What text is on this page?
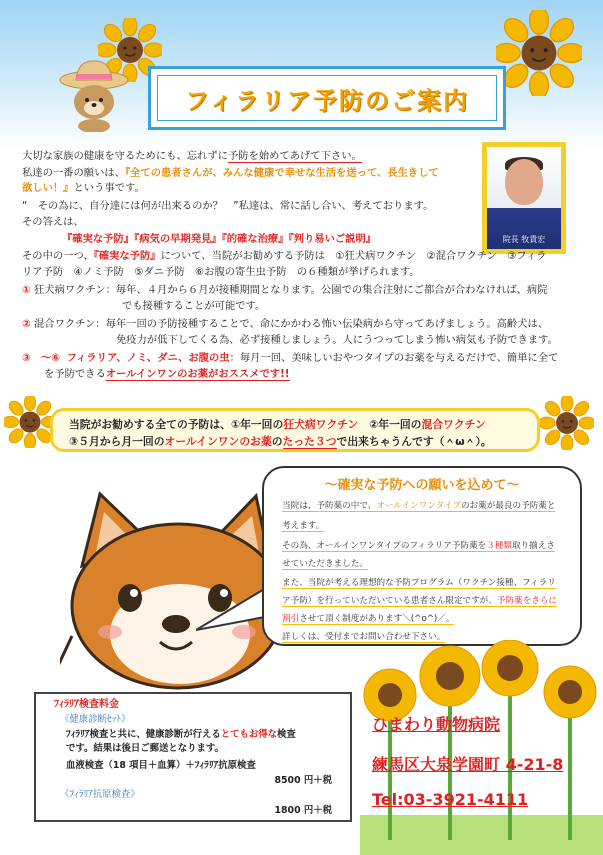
フィラリア予防のご案内
院長 牧貴宏
大切な家族の健康を守るためにも、忘れずに予防を始めてあげて下さい。
私達の一番の願いは、『全ての患者さんが、みんな健康で幸せな生活を送って、長生きして
欲しい！』という事です。
“　その為に、自分達には何が出来るのか？　”私達は、常に話し合い、考えております。
その答えは、
『確実な予防』『病気の早期発見』『的確な治療』『判り易いご説明』
その中の一つ、『確実な予防』について、当院がお勧めする予防は　①狂犬病ワクチン　②混合ワクチン　③フィラ
リア予防　④ノミ予防　⑤ダニ予防　⑥お腹の寄生虫予防　の６種類が挙げられます。
① 狂犬病ワクチン：毎年、４月から６月が接種期間となります。公園での集合注射にご都合が合わなければ、病院
でも接種することが可能です。
② 混合ワクチン：毎年一回の予防接種することで、命にかかわる怖い伝染病から守ってあげましょう。高齢犬は、
免疫力が低下してくる為、必ず接種しましょう。人にうつってしまう怖い病気も予防できます。
③　～⑥ フィラリア、ノミ、ダニ、お腹の虫：毎月一回、美味しいおやつタイプのお薬を与えるだけで、簡単に全て
を予防できるオールインワンのお薬がおススメです!!
当院がお勧めする全ての予防は、①年一回の狂犬病ワクチン　②年一回の混合ワクチン
③５月から月一回のオールインワンのお薬のたった３つで出来ちゃうんです（＾ω＾）。
～確実な予防への願いを込めて～
当院は、予防薬の中で、オールインワンタイプのお薬が最良の予防薬と
考えます。
その為、オールインワンタイプのフィラリア予防薬を３種類取り揃えさ
せていただきました。
また、当院が考える理想的な予防プログラム（ワクチン接種、フィラリ
ア予防）を行っていただいている患者さん限定ですが、予防薬をさらに
割引させて頂く制度があります＼(^o^)／。
詳しくは、受付までお問い合わせ下さい。
ﾌｨﾗﾘｱ検査料金
《健康診断ｾｯﾄ》
ﾌｨﾗﾘｱ検査と共に、健康診断が行えるとてもお得な検査
です。結果は後日ご郵送となります。
血液検査（18 項目＋血算）＋ﾌｨﾗﾘｱ抗原検査
8500 円＋税
《ﾌｨﾗﾘｱ抗原検査》
1800 円＋税
ひまわり動物病院
練馬区大泉学園町 4-21-8
Tel:03-3921-4111
